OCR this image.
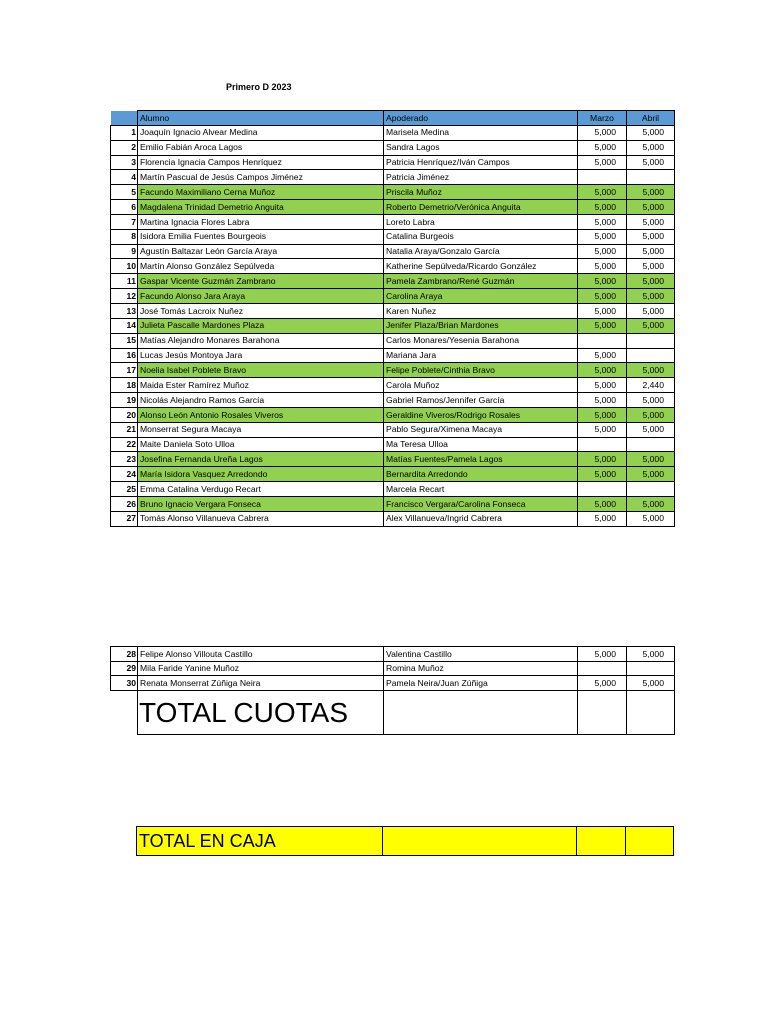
Primero D 2023
	Alumno	Apoderado	Marzo	Abril
1	Joaquín Ignacio Alvear Medina	Marisela Medina	5,000	5,000
2	Emilio Fabián Aroca Lagos	Sandra Lagos	5,000	5,000
3	Florencia Ignacia Campos Henríquez	Patricia Henríquez/Iván Campos	5,000	5,000
4	Martín Pascual de Jesús Campos Jiménez	Patricia Jiménez		
5	Facundo Maximiliano Cerna Muñoz	Priscila Muñoz	5,000	5,000
6	Magdalena Trinidad Demetrio Anguita	Roberto Demetrio/Verónica Anguita	5,000	5,000
7	Martina Ignacia Flores Labra	Loreto Labra	5,000	5,000
8	Isidora Emilia Fuentes Bourgeois	Catalina Burgeois	5,000	5,000
9	Agustín Baltazar León García Araya	Natalia Araya/Gonzalo García	5,000	5,000
10	Martín Alonso González Sepúlveda	Katherine Sepúlveda/Ricardo González	5,000	5,000
11	Gaspar Vicente Guzmán Zambrano	Pamela Zambrano/René Guzmán	5,000	5,000
12	Facundo Alonso Jara Araya	Carolina Araya	5,000	5,000
13	José Tomás Lacroix Nuñez	Karen Nuñez	5,000	5,000
14	Julieta Pascalle Mardones Plaza	Jenifer Plaza/Brian Mardones	5,000	5,000
15	Matías Alejandro Monares Barahona	Carlos Monares/Yesenia Barahona		
16	Lucas Jesús Montoya Jara	Mariana Jara	5,000	
17	Noelia Isabel Poblete Bravo	Felipe Poblete/Cinthia Bravo	5,000	5,000
18	Maida Ester Ramírez Muñoz	Carola Muñoz	5,000	2,440
19	Nicolás Alejandro Ramos García	Gabriel Ramos/Jennifer García	5,000	5,000
20	Alonso León Antonio Rosales Viveros	Geraldine Viveros/Rodrigo Rosales	5,000	5,000
21	Monserrat Segura Macaya	Pablo Segura/Ximena Macaya	5,000	5,000
22	Maite Daniela Soto Ulloa	Ma Teresa Ulloa		
23	Josefina Fernanda Ureña Lagos	Matías Fuentes/Pamela Lagos	5,000	5,000
24	María Isidora Vasquez Arredondo	Bernardita Arredondo	5,000	5,000
25	Emma Catalina Verdugo Recart	Marcela Recart		
26	Bruno Ignacio Vergara Fonseca	Francisco Vergara/Carolina Fonseca	5,000	5,000
27	Tomás Alonso Villanueva Cabrera	Alex Villanueva/Ingrid Cabrera	5,000	5,000
28	Felipe Alonso Villouta Castillo	Valentina Castillo	5,000	5,000
29	Mila Faride Yanine Muñoz	Romina Muñoz		
30	Renata Monserrat Zúñiga Neira	Pamela Neira/Juan Zúñiga	5,000	5,000
	TOTAL CUOTAS			
TOTAL EN CAJA			
